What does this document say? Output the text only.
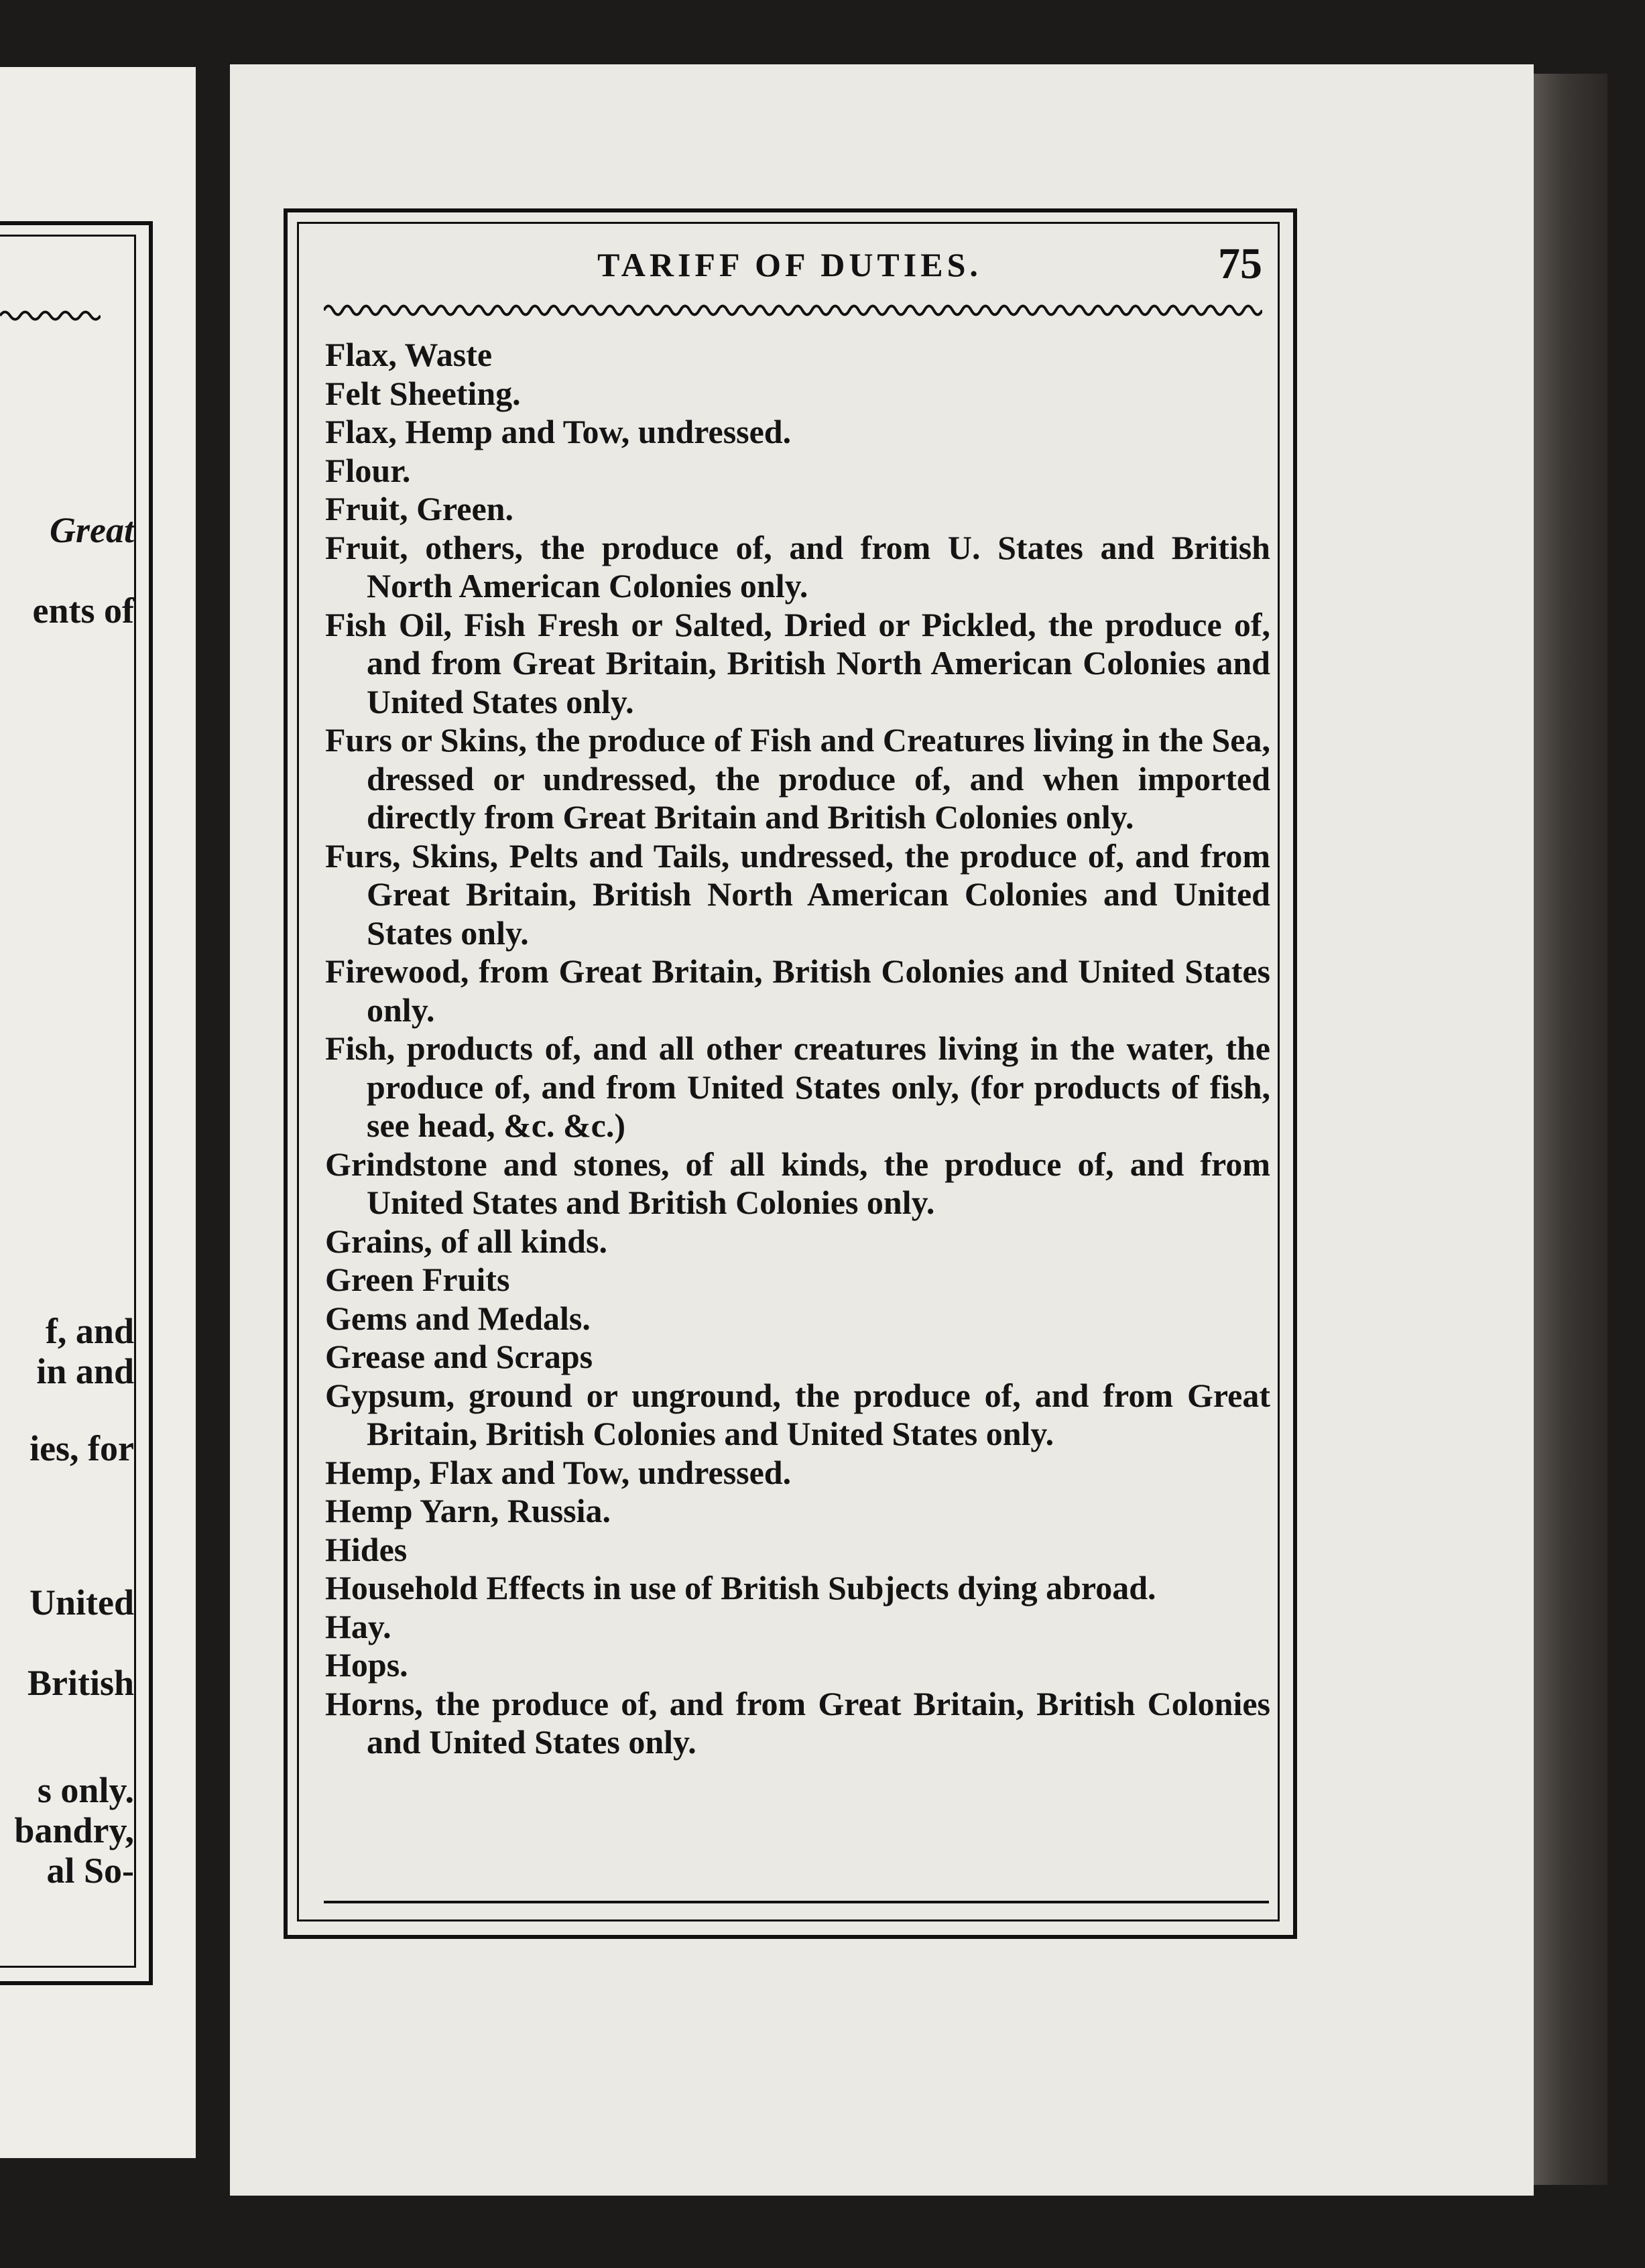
Great
ents of
f, and
in and
ies, for
United
British
s only.
bandry,
al So-
TARIFF OF DUTIES.	75
Flax, Waste
Felt Sheeting.
Flax, Hemp and Tow, undressed.
Flour.
Fruit, Green.
Fruit, others, the produce of, and from U. States and British North American Colonies only.
Fish Oil, Fish Fresh or Salted, Dried or Pickled, the produce of, and from Great Britain, British North American Colonies and United States only.
Furs or Skins, the produce of Fish and Creatures living in the Sea, dressed or undressed, the produce of, and when imported directly from Great Britain and British Colonies only.
Furs, Skins, Pelts and Tails, undressed, the produce of, and from Great Britain, British North American Colonies and United States only.
Firewood, from Great Britain, British Colonies and United States only.
Fish, products of, and all other creatures living in the water, the produce of, and from United States only, (for products of fish, see head, &c. &c.)
Grindstone and stones, of all kinds, the produce of, and from United States and British Colonies only.
Grains, of all kinds.
Green Fruits
Gems and Medals.
Grease and Scraps
Gypsum, ground or unground, the produce of, and from Great Britain, British Colonies and United States only.
Hemp, Flax and Tow, undressed.
Hemp Yarn, Russia.
Hides
Household Effects in use of British Subjects dying abroad.
Hay.
Hops.
Horns, the produce of, and from Great Britain, British Colonies and United States only.
